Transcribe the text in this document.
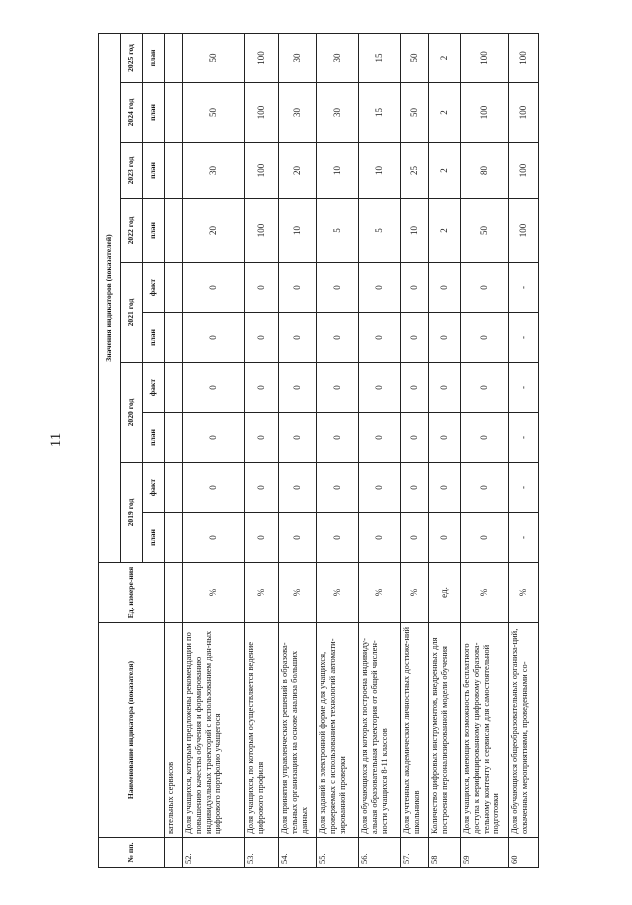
11
№ пп.	Наименование индикатора (показателя)	Ед. измере-ния	Значения индикаторов (показателей)									
			2019 год		2020 год		2021 год		2022 год	2023 год	2024 год	2025 год
			план	факт	план	факт	план	факт	план	план	план	план
	вательных сервисов											
52.	Доля учащихся, которым предложены рекомендации по повышению качества обучения и формированию индивидуальных траекторий с использованием дан-ных цифрового портфолио учащегося	%	0	0	0	0	0	0	20	30	50	50
53.	Доля учащихся, по которым осуществляется ведение цифрового профиля	%	0	0	0	0	0	0	100	100	100	100
54.	Доля принятия управленческих решений в образова-тельных организациях на основе анализа больших данных	%	0	0	0	0	0	0	10	20	30	30
55.	Доля заданий в электронной форме для учащихся, проверяемых с использованием технологий автомати-зированной проверки	%	0	0	0	0	0	0	5	10	30	30
56.	Доля обучающихся для которых построена индивиду-альная образовательная траектория от общей числен-ности учащихся 8-11 классов	%	0	0	0	0	0	0	5	10	15	15
57.	Доля учтенных академических личностных достиже-ний школьников	%	0	0	0	0	0	0	10	25	50	50
58	Количество цифровых инструментов, внедренных для построения персонализированной модели обучения	ед.	0	0	0	0	0	0	2	2	2	2
59	Доля учащихся, имеющих возможность бесплатного доступа к верифицированному цифровому образова-тельному контенту и сервисам для самостоятельной подготовки	%	0	0	0	0	0	0	50	80	100	100
60	Доля обучающихся общеобразовательных организа-ций, охваченных мероприятиями, проведенными со-	%	-	-	-	-	-	-	100	100	100	100
